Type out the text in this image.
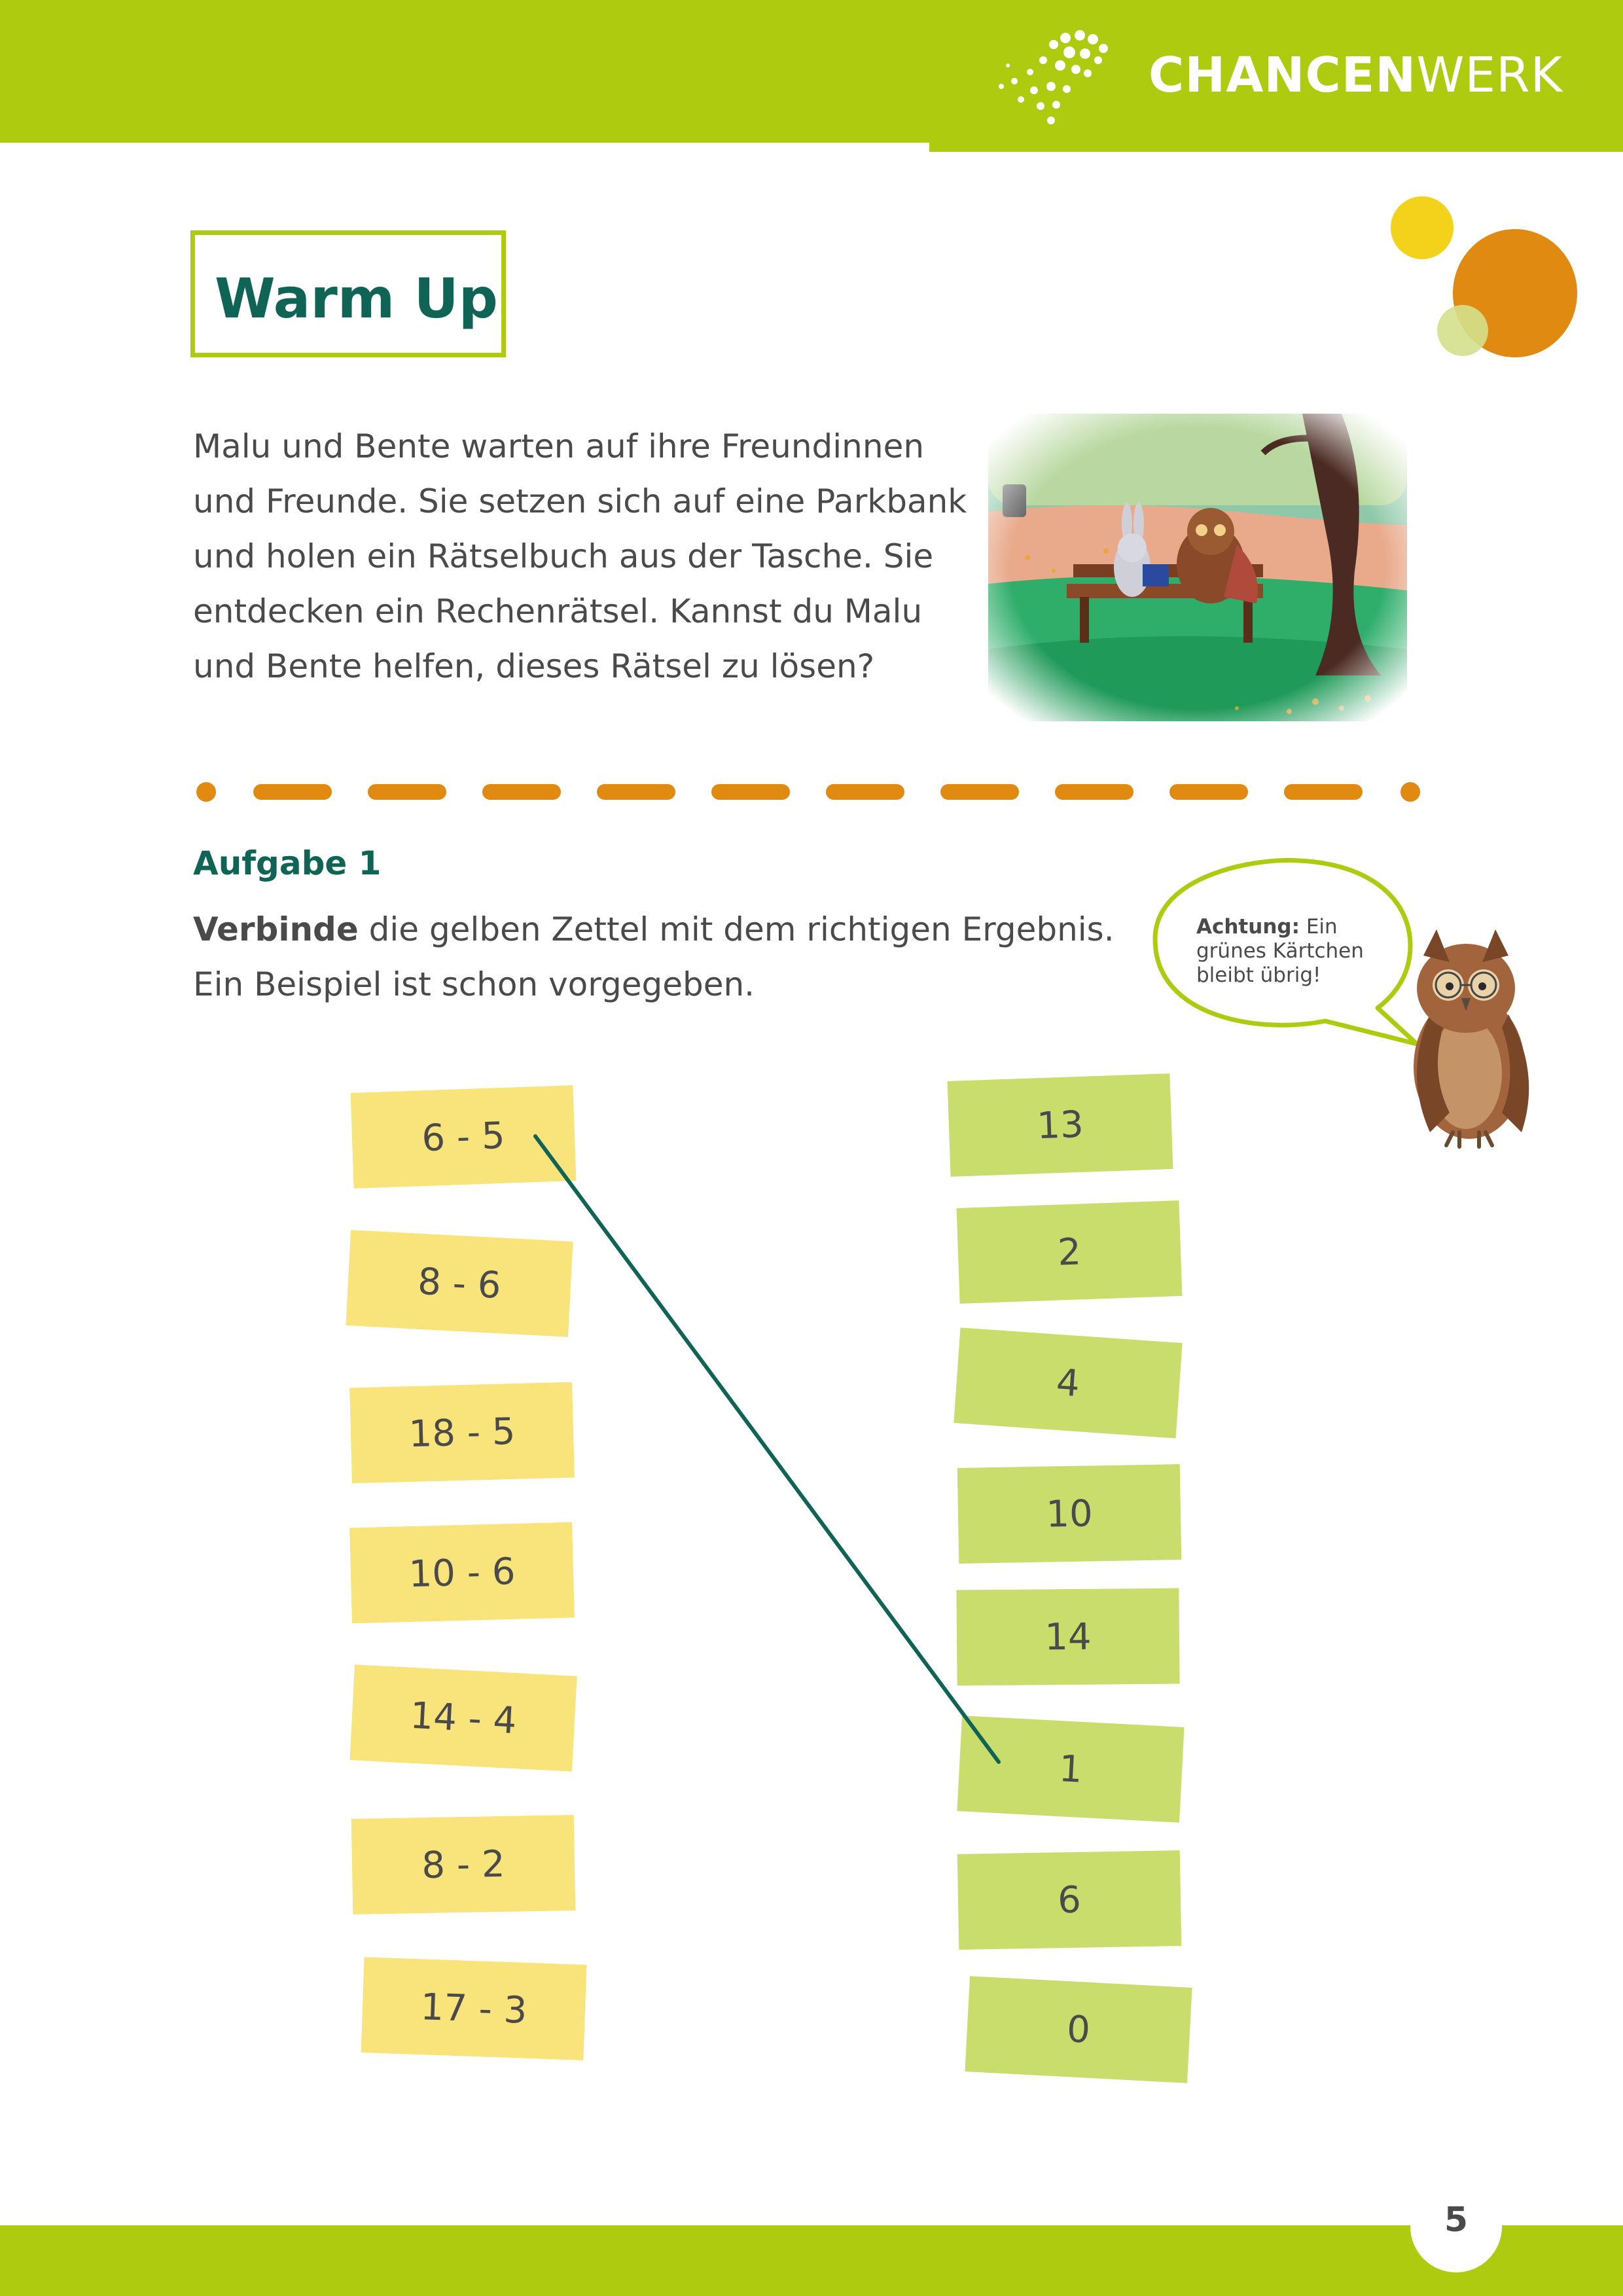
CHANCENWERK
Warm Up
Malu und Bente warten auf ihre Freundinnen
und Freunde. Sie setzen sich auf eine Parkbank
und holen ein Rätselbuch aus der Tasche. Sie
entdecken ein Rechenrätsel. Kannst du Malu
und Bente helfen, dieses Rätsel zu lösen?
Aufgabe 1
Verbinde die gelben Zettel mit dem richtigen Ergebnis.
Ein Beispiel ist schon vorgegeben.
Achtung: Ein
grünes Kärtchen
bleibt übrig!
6 - 5
8 - 6
18 - 5
10 - 6
14 - 4
8 - 2
17 - 3
13
2
4
10
14
1
6
0
5
